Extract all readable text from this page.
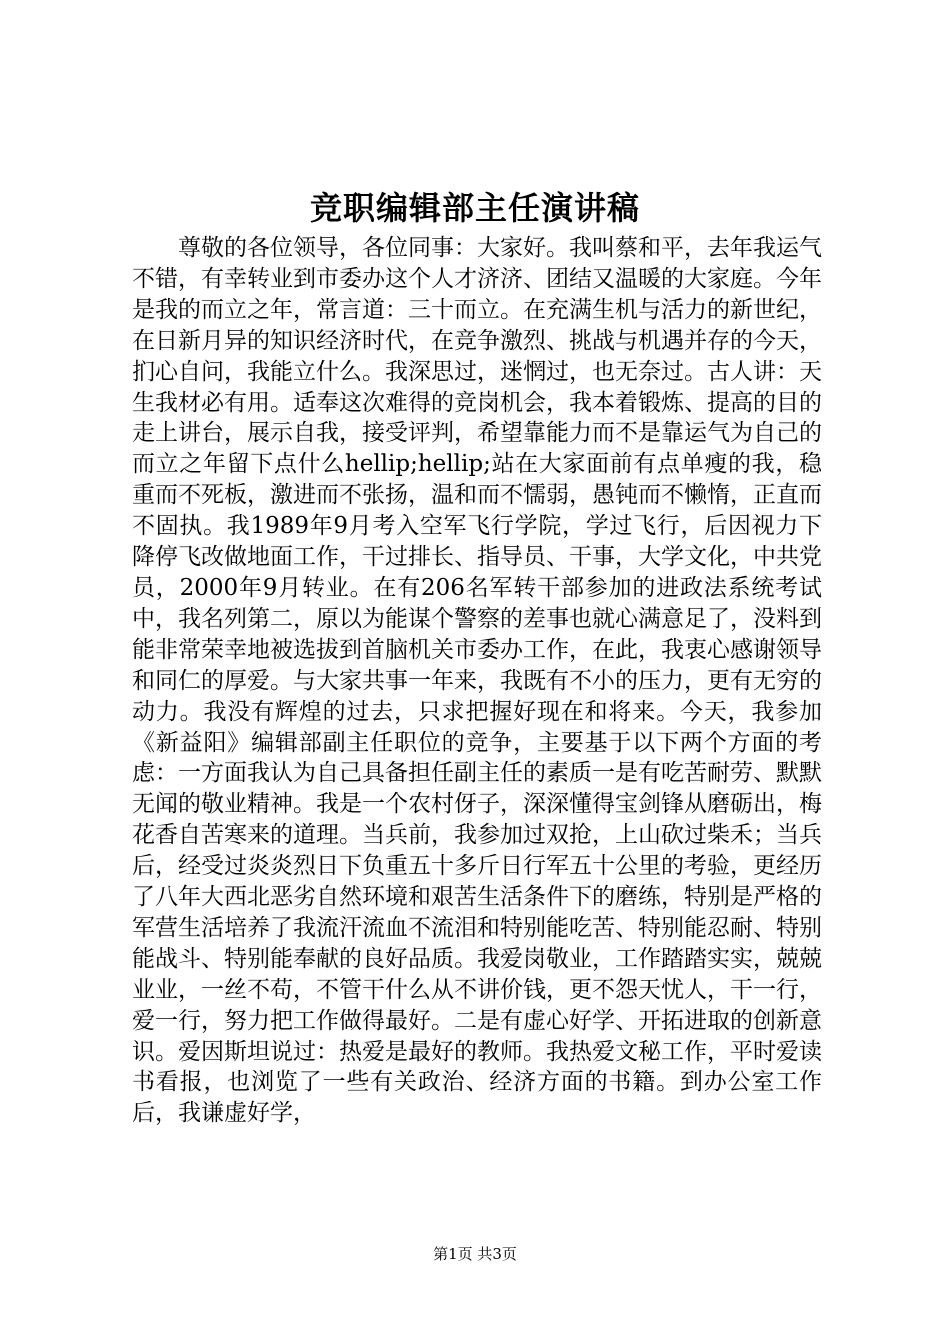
竞职编辑部主任演讲稿

尊敬的各位领导，各位同事：大家好。我叫蔡和平，去年我运气不错，有幸转业到市委办这个人才济济、团结又温暖的大家庭。今年是我的而立之年，常言道：三十而立。在充满生机与活力的新世纪，在日新月异的知识经济时代，在竞争激烈、挑战与机遇并存的今天，扪心自问，我能立什么。我深思过，迷惘过，也无奈过。古人讲：天生我材必有用。适奉这次难得的竞岗机会，我本着锻炼、提高的目的走上讲台，展示自我，接受评判，希望靠能力而不是靠运气为自己的而立之年留下点什么hellip;hellip;站在大家面前有点单瘦的我，稳重而不死板，激进而不张扬，温和而不懦弱，愚钝而不懒惰，正直而不固执。我1989年9月考入空军飞行学院，学过飞行，后因视力下降停飞改做地面工作，干过排长、指导员、干事，大学文化，中共党员，2000年9月转业。在有206名军转干部参加的进政法系统考试中，我名列第二，原以为能谋个警察的差事也就心满意足了，没料到能非常荣幸地被选拔到首脑机关市委办工作，在此，我衷心感谢领导和同仁的厚爱。与大家共事一年来，我既有不小的压力，更有无穷的动力。我没有辉煌的过去，只求把握好现在和将来。今天，我参加《新益阳》编辑部副主任职位的竞争，主要基于以下两个方面的考虑：一方面我认为自己具备担任副主任的素质一是有吃苦耐劳、默默无闻的敬业精神。我是一个农村伢子，深深懂得宝剑锋从磨砺出，梅花香自苦寒来的道理。当兵前，我参加过双抢，上山砍过柴禾；当兵后，经受过炎炎烈日下负重五十多斤日行军五十公里的考验，更经历了八年大西北恶劣自然环境和艰苦生活条件下的磨练，特别是严格的军营生活培养了我流汗流血不流泪和特别能吃苦、特别能忍耐、特别能战斗、特别能奉献的良好品质。我爱岗敬业，工作踏踏实实，兢兢业业，一丝不苟，不管干什么从不讲价钱，更不怨天忧人，干一行，爱一行，努力把工作做得最好。二是有虚心好学、开拓进取的创新意识。爱因斯坦说过：热爱是最好的教师。我热爱文秘工作，平时爱读书看报，也浏览了一些有关政治、经济方面的书籍。到办公室工作后，我谦虚好学，

第1页 共3页
